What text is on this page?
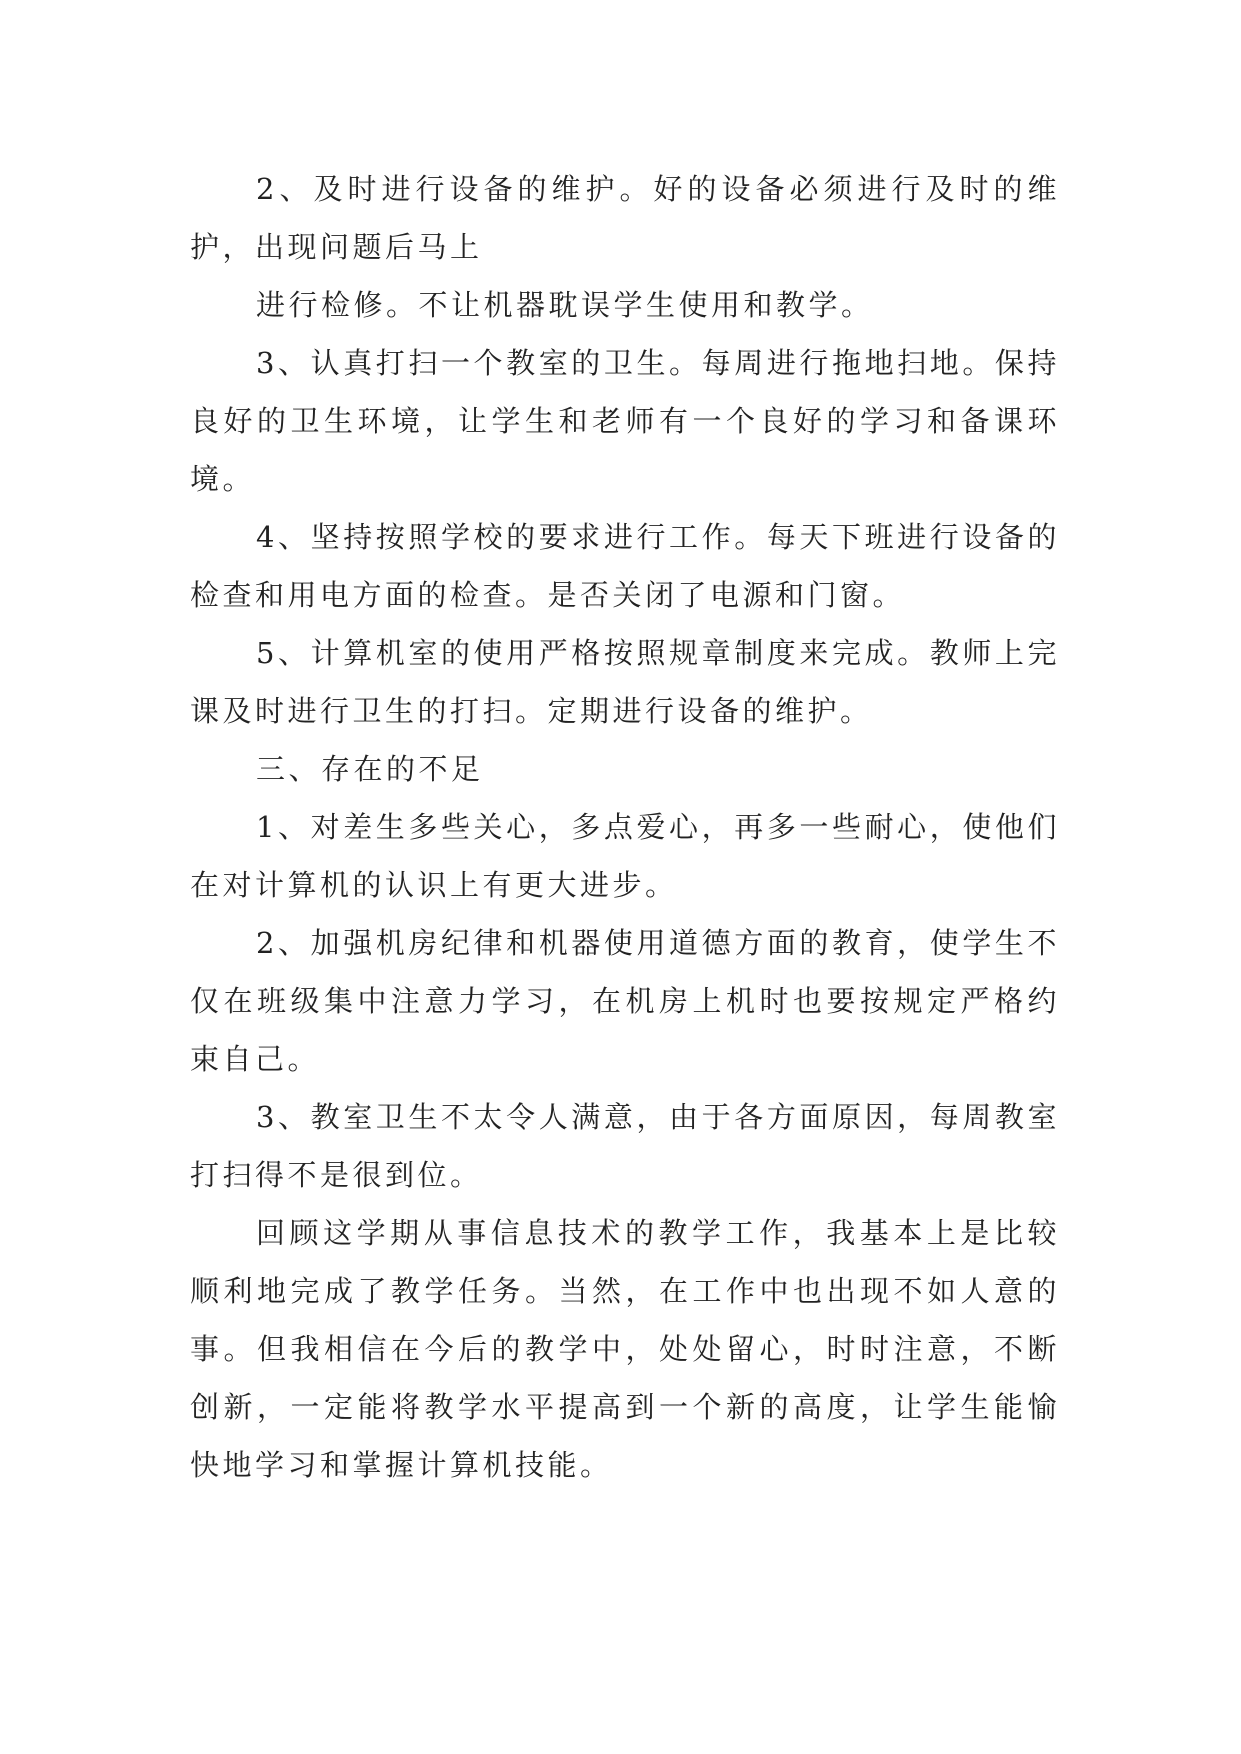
2、及时进行设备的维护。好的设备必须进行及时的维护，出现问题后马上

进行检修。不让机器耽误学生使用和教学。

3、认真打扫一个教室的卫生。每周进行拖地扫地。保持良好的卫生环境，让学生和老师有一个良好的学习和备课环境。

4、坚持按照学校的要求进行工作。每天下班进行设备的检查和用电方面的检查。是否关闭了电源和门窗。

5、计算机室的使用严格按照规章制度来完成。教师上完课及时进行卫生的打扫。定期进行设备的维护。

三、存在的不足

1、对差生多些关心，多点爱心，再多一些耐心，使他们在对计算机的认识上有更大进步。

2、加强机房纪律和机器使用道德方面的教育，使学生不仅在班级集中注意力学习，在机房上机时也要按规定严格约束自己。

3、教室卫生不太令人满意，由于各方面原因，每周教室打扫得不是很到位。

回顾这学期从事信息技术的教学工作，我基本上是比较顺利地完成了教学任务。当然，在工作中也出现不如人意的事。但我相信在今后的教学中，处处留心，时时注意，不断创新，一定能将教学水平提高到一个新的高度，让学生能愉快地学习和掌握计算机技能。
